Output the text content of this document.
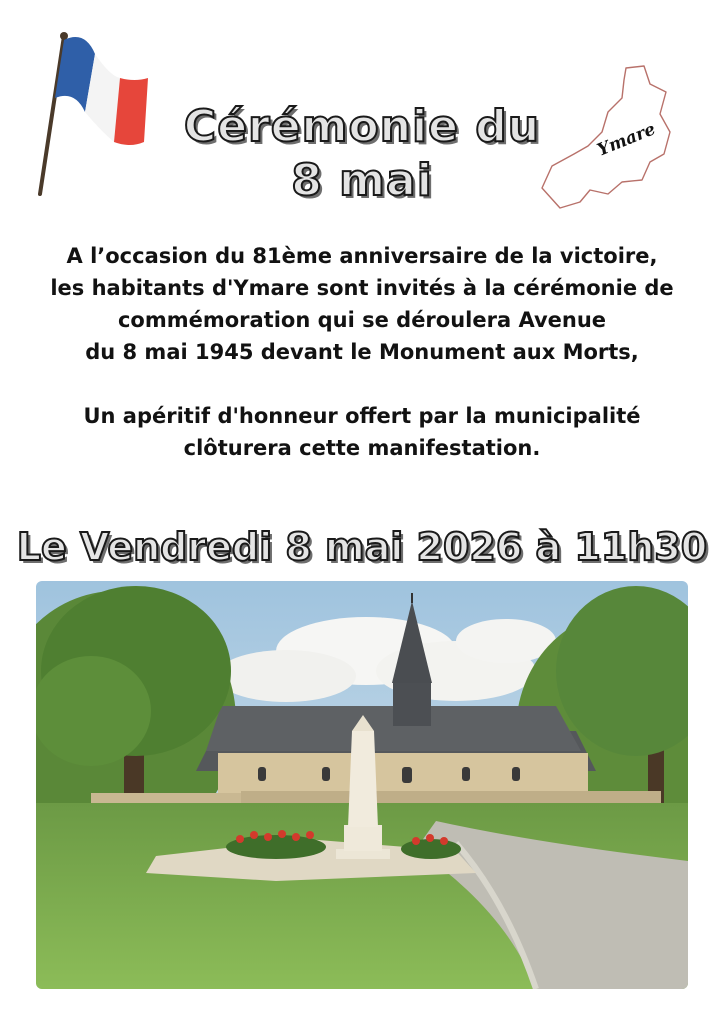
Ymare
Cérémonie du
8 mai

A l’occasion du 81ème anniversaire de la victoire,

les habitants d'Ymare sont invités à la cérémonie de

commémoration qui se déroulera Avenue

du 8 mai 1945 devant le Monument aux Morts,

Un apéritif d'honneur offert par la municipalité

clôturera cette manifestation.

Le Vendredi 8 mai 2026 à 11h30
